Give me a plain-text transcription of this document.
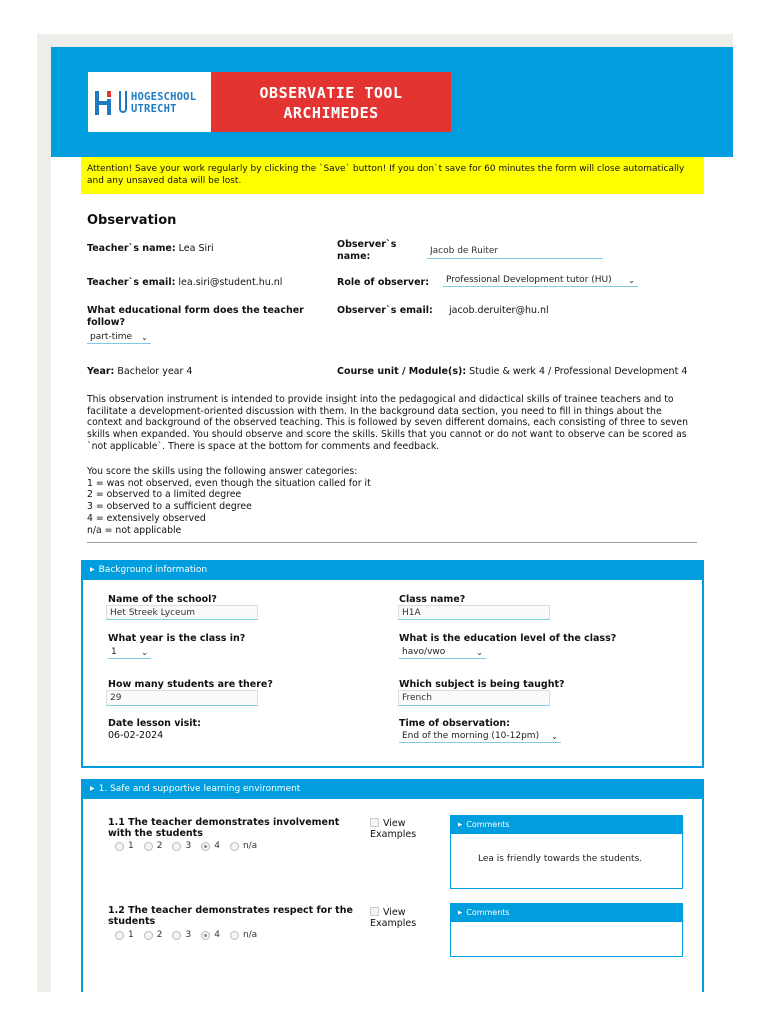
HOGESCHOOL
UTRECHT
OBSERVATIE TOOL
ARCHIMEDES
Attention! Save your work regularly by clicking the `Save` button! If you don`t save for 60 minutes the form will close automatically and any unsaved data will be lost.
Observation
Teacher`s name: Lea Siri
Teacher`s email: lea.siri@student.hu.nl
What educational form does the teacher follow?
part-time ⌄
Year: Bachelor year 4
Observer`s name:
Jacob de Ruiter
Role of observer: Professional Development tutor (HU) ⌄
Observer`s email: jacob.deruiter@hu.nl
Course unit / Module(s): Studie & werk 4 / Professional Development 4
This observation instrument is intended to provide insight into the pedagogical and didactical skills of trainee teachers and to facilitate a development-oriented discussion with them. In the background data section, you need to fill in things about the context and background of the observed teaching. This is followed by seven different domains, each consisting of three to seven skills when expanded. You should observe and score the skills. Skills that you cannot or do not want to observe can be scored as `not applicable`. There is space at the bottom for comments and feedback.
You score the skills using the following answer categories:
1 = was not observed, even though the situation called for it
2 = observed to a limited degree
3 = observed to a sufficient degree
4 = extensively observed
n/a = not applicable
▶ Background information
Name of the school?
Het Streek Lyceum	Class name?
H1A
What year is the class in?
1	⌄
What is the education level of the class?
havo/vwo	⌄
How many students are there?
29	Which subject is being taught?
French
Date lesson visit:
06-02-2024
Time of observation:
End of the morning (10-12pm) ⌄
▶ 1. Safe and supportive learning environment
1.1 The teacher demonstrates involvement with the students
1	2	3	4	n/a
View Examples
▶ Comments
Lea is friendly towards the students.
1.2 The teacher demonstrates respect for the students
1	2	3	4	n/a
View Examples
▶ Comments
